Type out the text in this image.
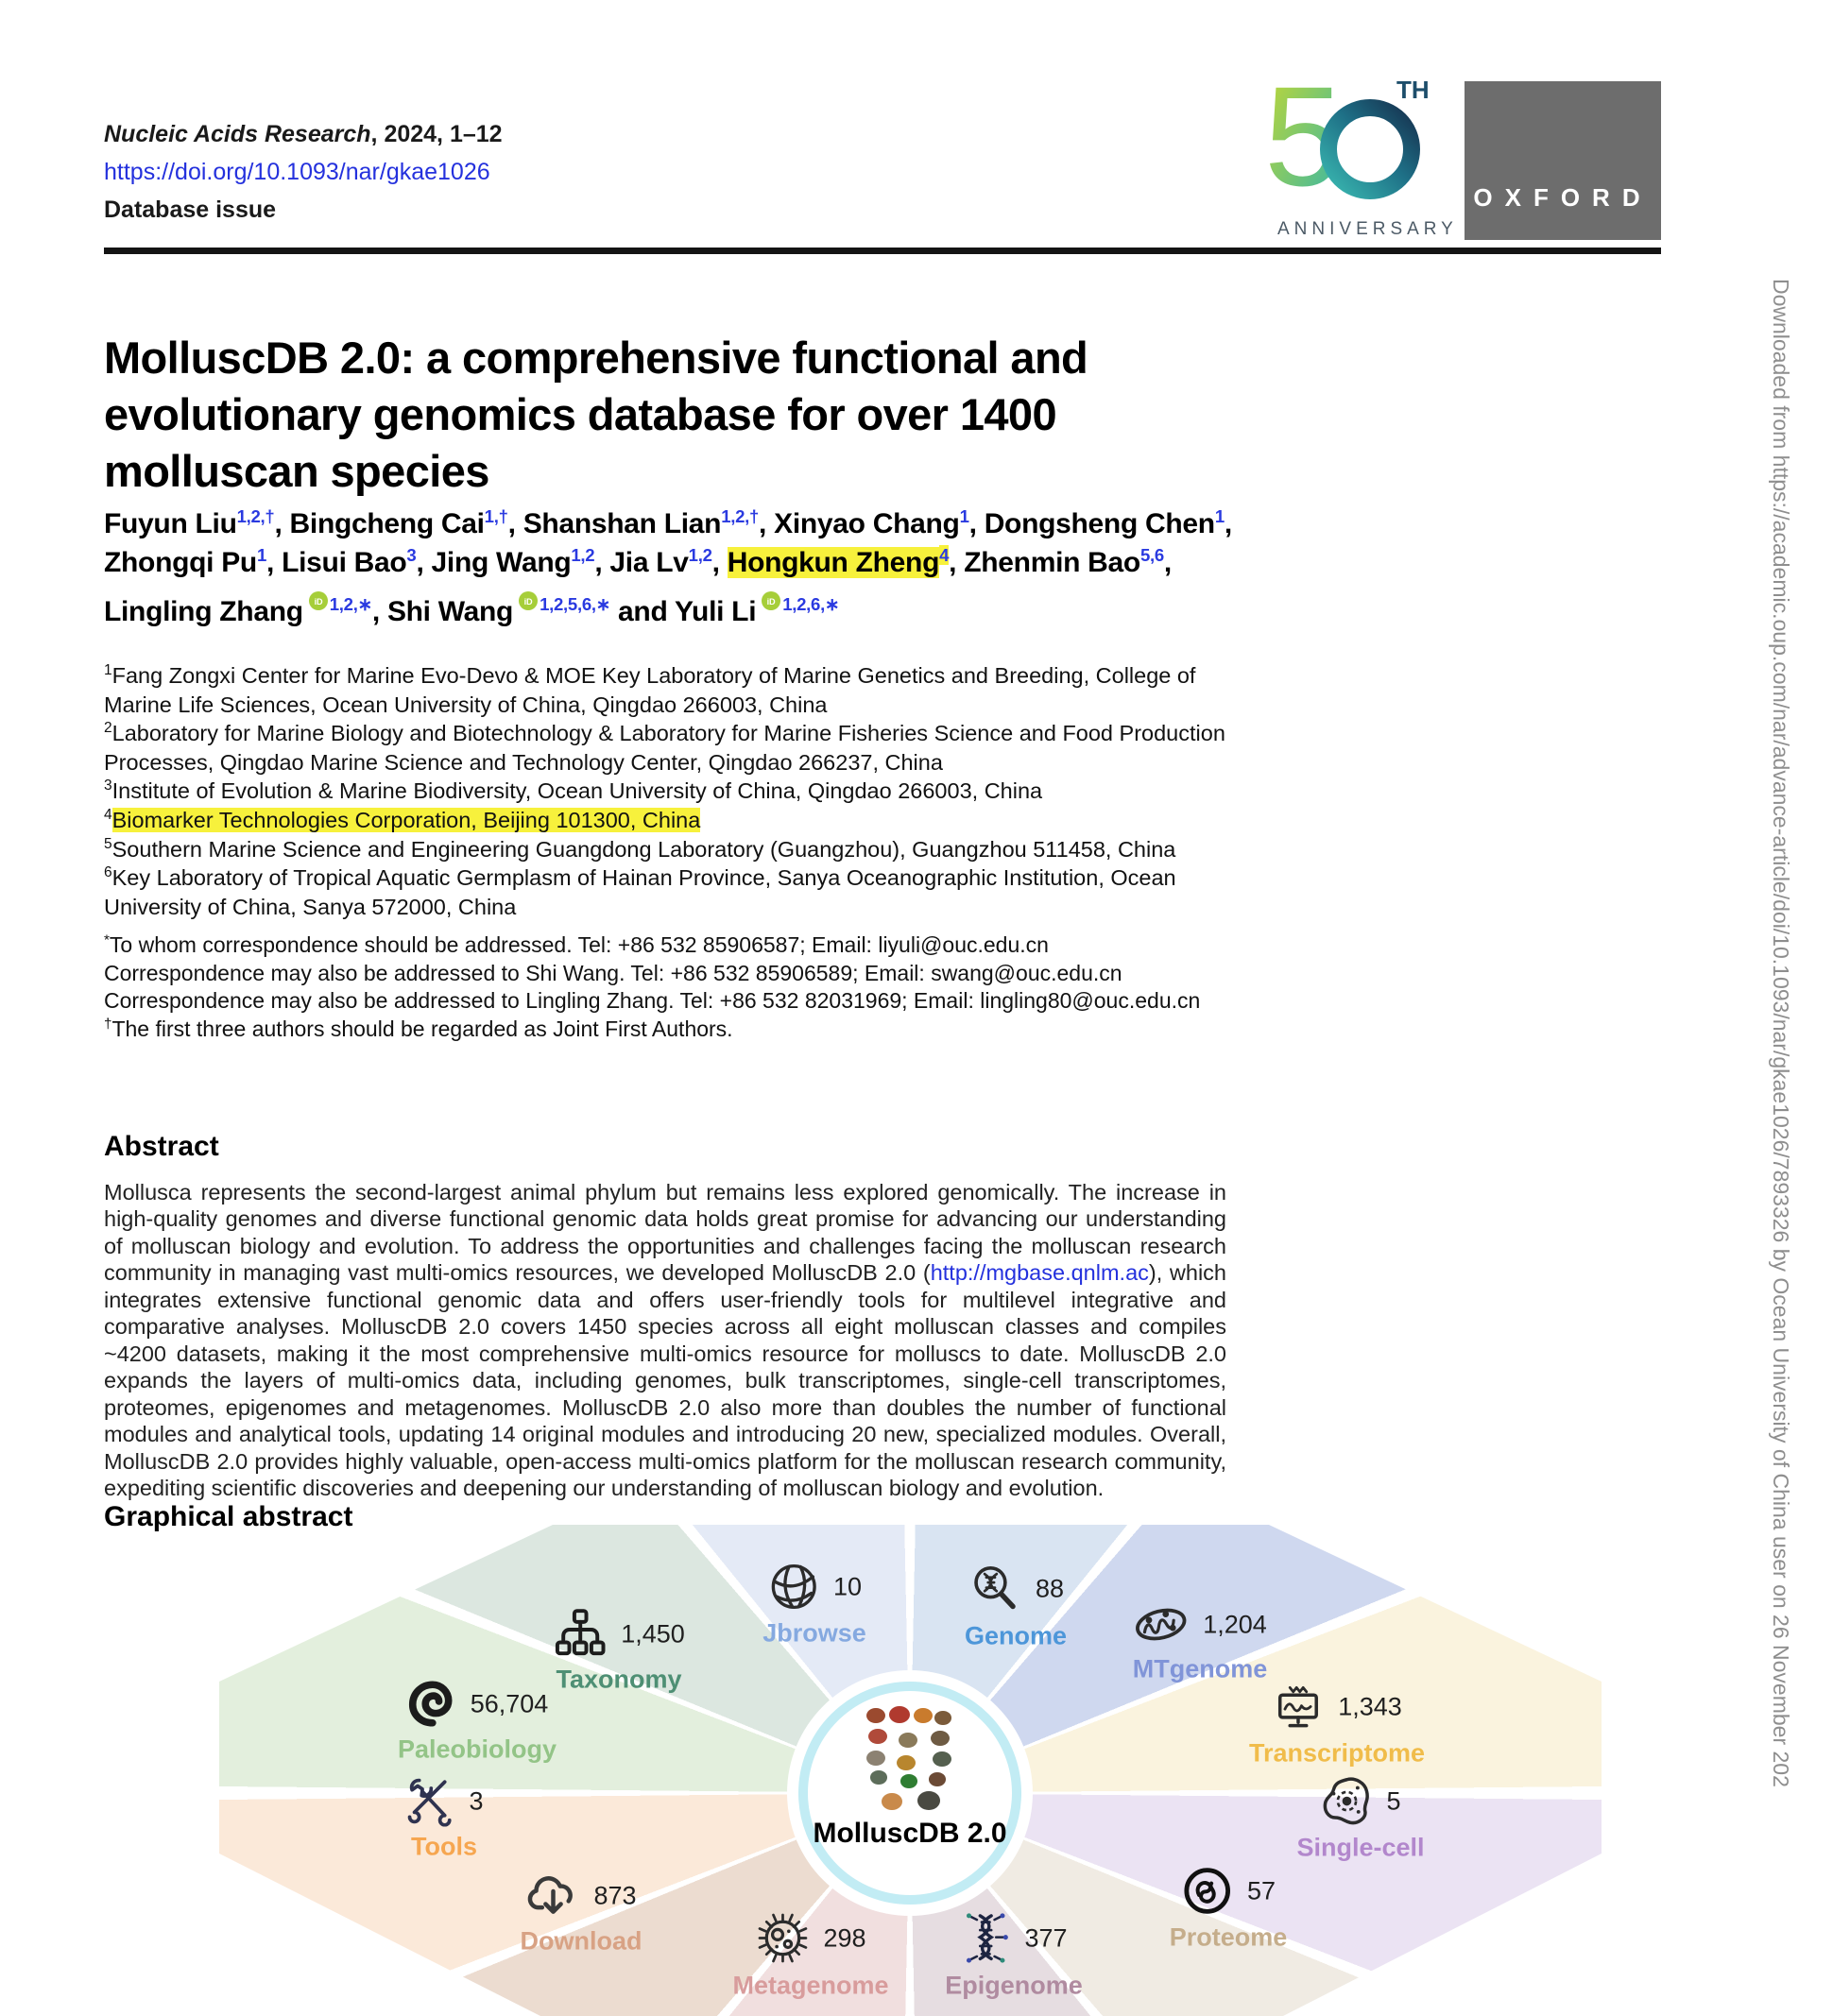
Nucleic Acids Research, 2024, 1–12
https://doi.org/10.1093/nar/gkae1026
Database issue	5 TH
ANNIVERSARY
OXFORD
MolluscDB 2.0: a comprehensive functional and evolutionary genomics database for over 1400 molluscan species
Fuyun Liu$^{1,2,\dagger}$, Bingcheng Cai$^{1,\dagger}$, Shanshan Lian$^{1,2,\dagger}$, Xinyao Chang$^1$, Dongsheng Chen$^1$, Zhongqi Pu$^1$, Lisui Bao$^3$, Jing Wang$^{1,2}$, Jia Lv$^{1,2}$, Hongkun Zheng$^4$, Zhenmin Bao$^{5,6}$, Lingling Zhang iD $^{1,2,∗}$, Shi Wang iD $^{1,2,5,6,∗}$ and Yuli Li iD $^{1,2,6,∗}$
$^1$Fang Zongxi Center for Marine Evo-Devo & MOE Key Laboratory of Marine Genetics and Breeding, College of Marine Life Sciences, Ocean University of China, Qingdao 266003, China
$^2$Laboratory for Marine Biology and Biotechnology & Laboratory for Marine Fisheries Science and Food Production Processes, Qingdao Marine Science and Technology Center, Qingdao 266237, China
$^3$Institute of Evolution & Marine Biodiversity, Ocean University of China, Qingdao 266003, China
$^4$Biomarker Technologies Corporation, Beijing 101300, China
$^5$Southern Marine Science and Engineering Guangdong Laboratory (Guangzhou), Guangzhou 511458, China
$^6$Key Laboratory of Tropical Aquatic Germplasm of Hainan Province, Sanya Oceanographic Institution, Ocean University of China, Sanya 572000, China
*To whom correspondence should be addressed. Tel: +86 532 85906587; Email: liyuli@ouc.edu.cn
Correspondence may also be addressed to Shi Wang. Tel: +86 532 85906589; Email: swang@ouc.edu.cn
Correspondence may also be addressed to Lingling Zhang. Tel: +86 532 82031969; Email: lingling80@ouc.edu.cn
†The first three authors should be regarded as Joint First Authors.
Abstract

Mollusca represents the second-largest animal phylum but remains less explored genomically. The increase in high-quality genomes and diverse functional genomic data holds great promise for advancing our understanding of molluscan biology and evolution. To address the opportunities and challenges facing the molluscan research community in managing vast multi-omics resources, we developed MolluscDB 2.0 (http://mgbase.qnlm.ac), which integrates extensive functional genomic data and offers user-friendly tools for multilevel integrative and comparative analyses. MolluscDB 2.0 covers 1450 species across all eight molluscan classes and compiles ~4200 datasets, making it the most comprehensive multi-omics resource for molluscs to date. MolluscDB 2.0 expands the layers of multi-omics data, including genomes, bulk transcriptomes, single-cell transcriptomes, proteomes, epigenomes and metagenomes. MolluscDB 2.0 also more than doubles the number of functional modules and analytical tools, updating 14 original modules and introducing 20 new, specialized modules. Overall, MolluscDB 2.0 provides highly valuable, open-access multi-omics platform for the molluscan research community, expediting scientific discoveries and deepening our understanding of molluscan biology and evolution.

Graphical abstract
88
Genome	1,204
MTgenome
1,343
Transcriptome
5
Single-cell
57
Proteome
377
Epigenome
298
Metagenome
873
Download
3
Tools
56,704
Paleobiology
1,450
Taxonomy
10
Jbrowse
MolluscDB 2.0
Downloaded from https://academic.oup.com/nar/advance-article/doi/10.1093/nar/gkae1026/7893326 by Ocean University of China user on 26 November 202
